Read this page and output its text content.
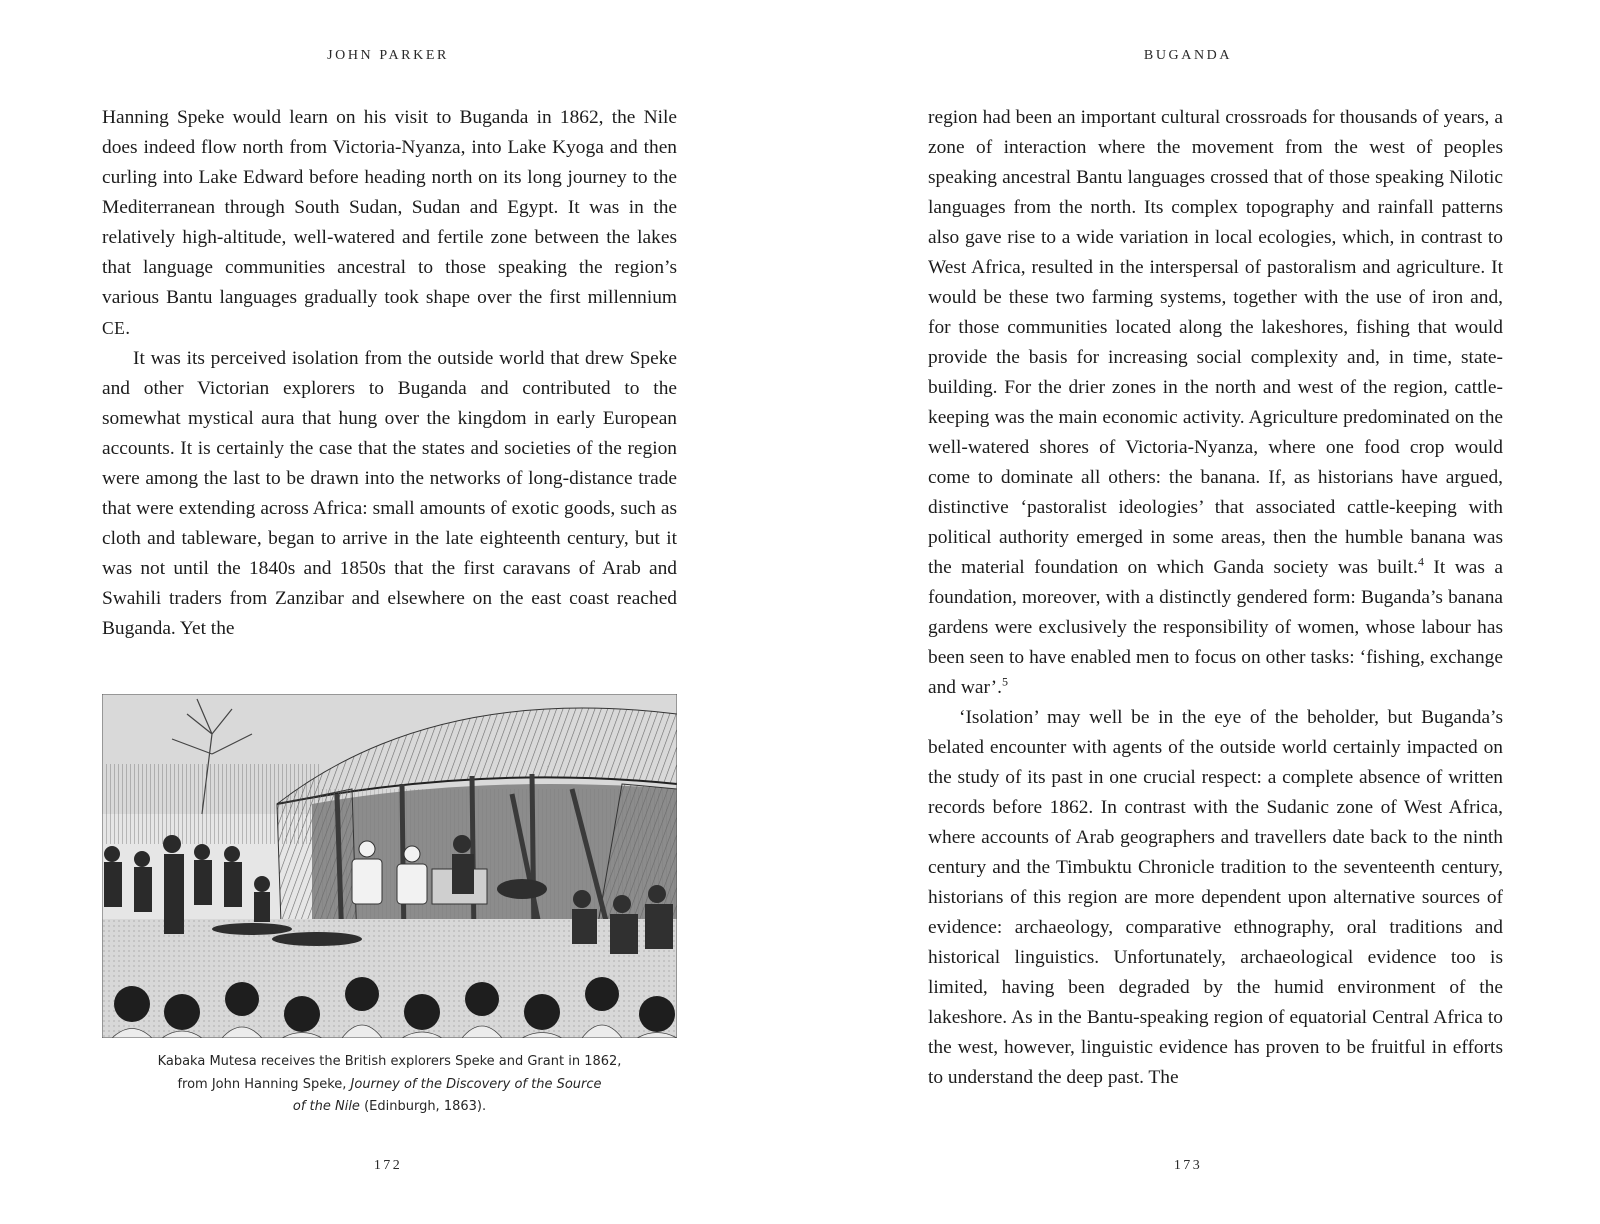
JOHN PARKER

Hanning Speke would learn on his visit to Buganda in 1862, the Nile does indeed flow north from Victoria-Nyanza, into Lake Kyoga and then curling into Lake Edward before heading north on its long journey to the Mediterranean through South Sudan, Sudan and Egypt. It was in the relatively high-altitude, well-watered and fertile zone between the lakes that language communities ancestral to those speaking the region’s various Bantu languages gradually took shape over the first millennium CE.

It was its perceived isolation from the outside world that drew Speke and other Victorian explorers to Buganda and contributed to the somewhat mystical aura that hung over the kingdom in early European accounts. It is certainly the case that the states and societies of the region were among the last to be drawn into the networks of long-distance trade that were extending across Africa: small amounts of exotic goods, such as cloth and tableware, began to arrive in the late eighteenth century, but it was not until the 1840s and 1850s that the first caravans of Arab and Swahili traders from Zanzibar and elsewhere on the east coast reached Buganda. Yet the

Kabaka Mutesa receives the British explorers Speke and Grant in 1862,
from John Hanning Speke, Journey of the Discovery of the Source
of the Nile (Edinburgh, 1863).
172
BUGANDA

region had been an important cultural crossroads for thousands of years, a zone of interaction where the movement from the west of peoples speaking ancestral Bantu languages crossed that of those speaking Nilotic languages from the north. Its complex topography and rainfall patterns also gave rise to a wide variation in local ecologies, which, in contrast to West Africa, resulted in the interspersal of pastoralism and agriculture. It would be these two farming systems, together with the use of iron and, for those communities located along the lakeshores, fishing that would provide the basis for increasing social complexity and, in time, state-building. For the drier zones in the north and west of the region, cattle-keeping was the main economic activity. Agriculture predominated on the well-watered shores of Victoria-Nyanza, where one food crop would come to dominate all others: the banana. If, as historians have argued, distinctive ‘pastoralist ideologies’ that associated cattle-keeping with political authority emerged in some areas, then the humble banana was the material foundation on which Ganda society was built.$^4$ It was a foundation, moreover, with a distinctly gendered form: Buganda’s banana gardens were exclusively the responsibility of women, whose labour has been seen to have enabled men to focus on other tasks: ‘fishing, exchange and war’.$^5$

‘Isolation’ may well be in the eye of the beholder, but Buganda’s belated encounter with agents of the outside world certainly impacted on the study of its past in one crucial respect: a complete absence of written records before 1862. In contrast with the Sudanic zone of West Africa, where accounts of Arab geographers and travellers date back to the ninth century and the Timbuktu Chronicle tradition to the seventeenth century, historians of this region are more dependent upon alternative sources of evidence: archaeology, comparative ethnography, oral traditions and historical linguistics. Unfortunately, archaeological evidence too is limited, having been degraded by the humid environment of the lakeshore. As in the Bantu-speaking region of equatorial Central Africa to the west, however, linguistic evidence has proven to be fruitful in efforts to understand the deep past. The

173
